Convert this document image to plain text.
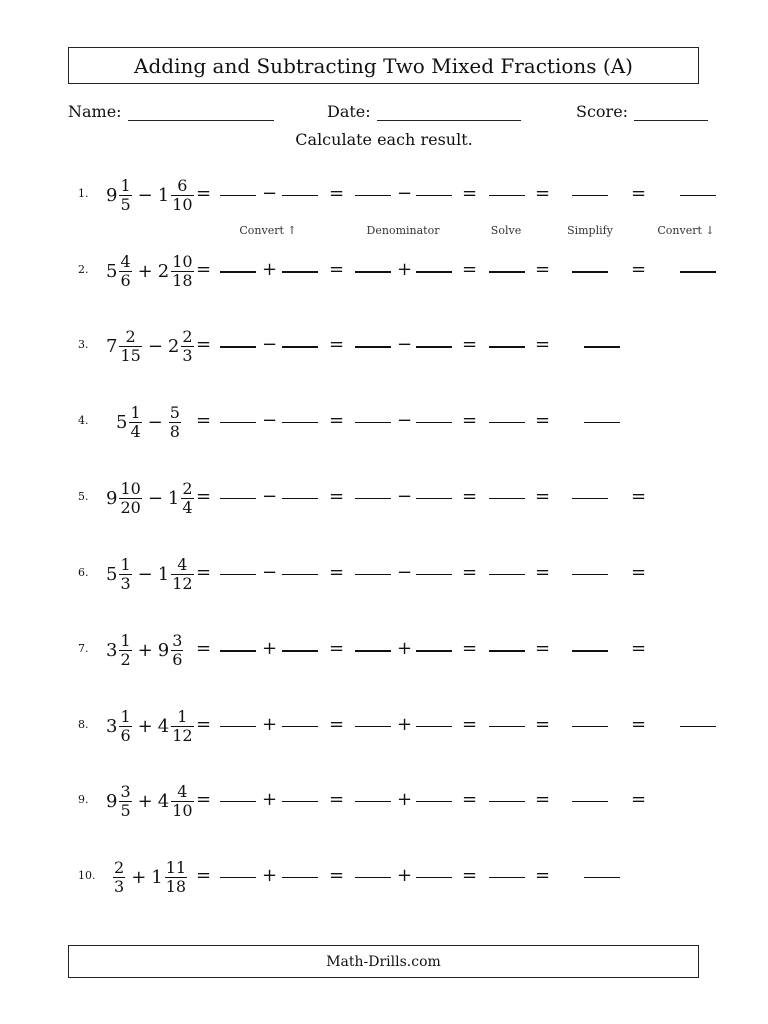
Adding and Subtracting Two Mixed Fractions (A)
Name:	Date:	Score:
Calculate each result.
Convert ↑	Denominator	Solve	Simplify	Convert ↓
1. $9 \frac{1}{5} - 1 \frac{6}{10}$ =	−	=	−	=	=	=
2. $5 \frac{4}{6} + 2 \frac{10}{18}$ =	+	=	+	=	=	=
3. $7 \frac{2}{15} - 2 \frac{2}{3}$ =	−	=	−	=	=
4.	$5 \frac{1}{4} - \frac{5}{8}$ =	−	=	−	=	=
5. $9 \frac{10}{20} - 1 \frac{2}{4}$ =	−	=	−	=	=	=
6. $5 \frac{1}{3} - 1 \frac{4}{12}$ =	−	=	−	=	=	=
7. $3 \frac{1}{2} + 9 \frac{3}{6}$ =	+	=	+	=	=	=
8. $3 \frac{1}{6} + 4 \frac{1}{12}$ =	+	=	+	=	=	=
9. $9 \frac{3}{5} + 4 \frac{4}{10}$ =	+	=	+	=	=	=
10. $\frac{2}{3} + 1 \frac{11}{18}$ =	+	=	+	=	=
Math-Drills.com
